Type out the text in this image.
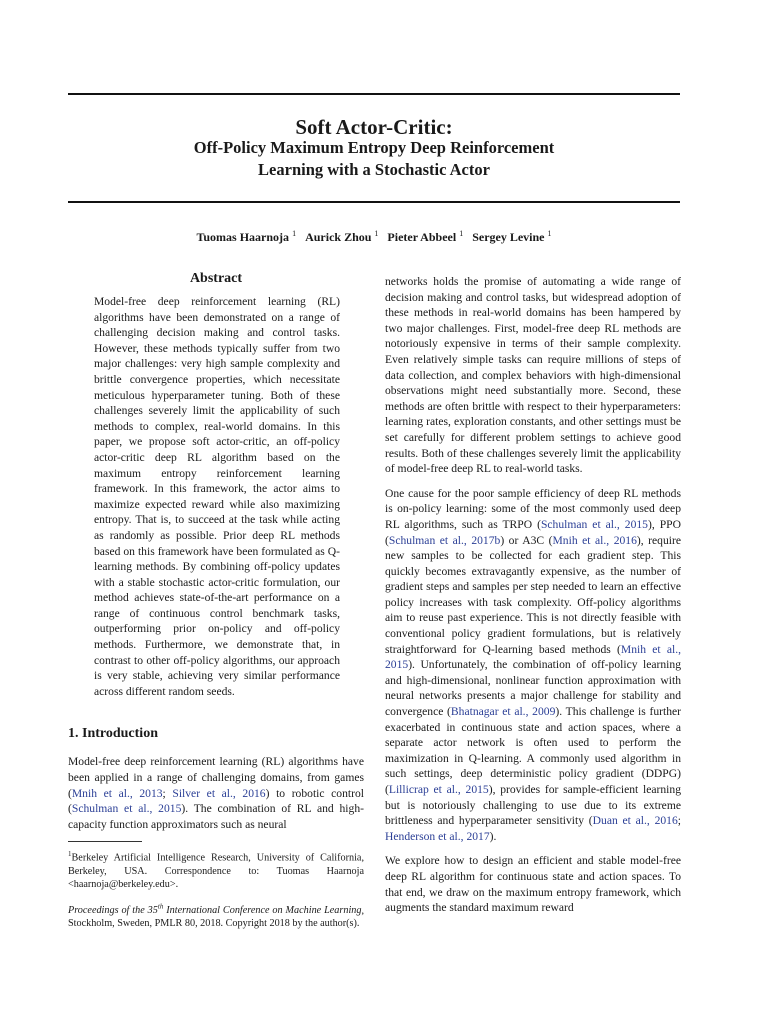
Soft Actor-Critic:
Off-Policy Maximum Entropy Deep Reinforcement
Learning with a Stochastic Actor
Tuomas Haarnoja $^1$ Aurick Zhou $^1$ Pieter Abbeel $^1$ Sergey Levine $^1$
Abstract

Model-free deep reinforcement learning (RL) algorithms have been demonstrated on a range of challenging decision making and control tasks. However, these methods typically suffer from two major challenges: very high sample complexity and brittle convergence properties, which necessitate meticulous hyperparameter tuning. Both of these challenges severely limit the applicability of such methods to complex, real-world domains. In this paper, we propose soft actor-critic, an off-policy actor-critic deep RL algorithm based on the maximum entropy reinforcement learning framework. In this framework, the actor aims to maximize expected reward while also maximizing entropy. That is, to succeed at the task while acting as randomly as possible. Prior deep RL methods based on this framework have been formulated as Q-learning methods. By combining off-policy updates with a stable stochastic actor-critic formulation, our method achieves state-of-the-art performance on a range of continuous control benchmark tasks, outperforming prior on-policy and off-policy methods. Furthermore, we demonstrate that, in contrast to other off-policy algorithms, our approach is very stable, achieving very similar performance across different random seeds.

1. Introduction

Model-free deep reinforcement learning (RL) algorithms have been applied in a range of challenging domains, from games (Mnih et al., 2013; Silver et al., 2016) to robotic control (Schulman et al., 2015). The combination of RL and high-capacity function approximators such as neural

$^1$Berkeley Artificial Intelligence Research, University of California, Berkeley, USA. Correspondence to: Tuomas Haarnoja <haarnoja@berkeley.edu>.

Proceedings of the 35th International Conference on Machine Learning, Stockholm, Sweden, PMLR 80, 2018. Copyright 2018 by the author(s).

networks holds the promise of automating a wide range of decision making and control tasks, but widespread adoption of these methods in real-world domains has been hampered by two major challenges. First, model-free deep RL methods are notoriously expensive in terms of their sample complexity. Even relatively simple tasks can require millions of steps of data collection, and complex behaviors with high-dimensional observations might need substantially more. Second, these methods are often brittle with respect to their hyperparameters: learning rates, exploration constants, and other settings must be set carefully for different problem settings to achieve good results. Both of these challenges severely limit the applicability of model-free deep RL to real-world tasks.

One cause for the poor sample efficiency of deep RL methods is on-policy learning: some of the most commonly used deep RL algorithms, such as TRPO (Schulman et al., 2015), PPO (Schulman et al., 2017b) or A3C (Mnih et al., 2016), require new samples to be collected for each gradient step. This quickly becomes extravagantly expensive, as the number of gradient steps and samples per step needed to learn an effective policy increases with task complexity. Off-policy algorithms aim to reuse past experience. This is not directly feasible with conventional policy gradient formulations, but is relatively straightforward for Q-learning based methods (Mnih et al., 2015). Unfortunately, the combination of off-policy learning and high-dimensional, nonlinear function approximation with neural networks presents a major challenge for stability and convergence (Bhatnagar et al., 2009). This challenge is further exacerbated in continuous state and action spaces, where a separate actor network is often used to perform the maximization in Q-learning. A commonly used algorithm in such settings, deep deterministic policy gradient (DDPG) (Lillicrap et al., 2015), provides for sample-efficient learning but is notoriously challenging to use due to its extreme brittleness and hyperparameter sensitivity (Duan et al., 2016; Henderson et al., 2017).

We explore how to design an efficient and stable model-free deep RL algorithm for continuous state and action spaces. To that end, we draw on the maximum entropy framework, which augments the standard maximum reward
